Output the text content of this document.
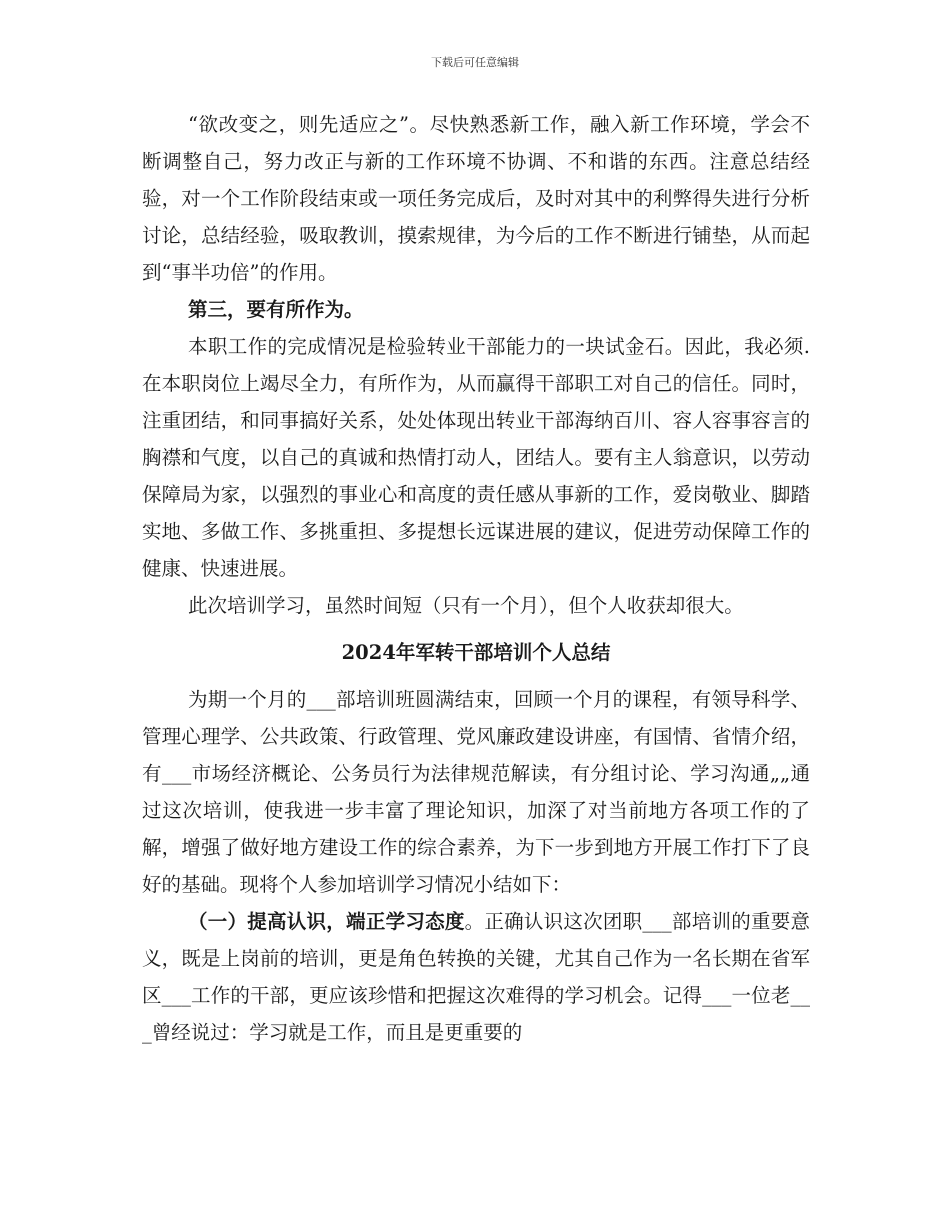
下载后可任意编辑

“欲改变之，则先适应之”。尽快熟悉新工作，融入新工作环境，学会不断调整自己，努力改正与新的工作环境不协调、不和谐的东西。注意总结经验，对一个工作阶段结束或一项任务完成后，及时对其中的利弊得失进行分析讨论，总结经验，吸取教训，摸索规律，为今后的工作不断进行铺垫，从而起到“事半功倍”的作用。

第三，要有所作为。

本职工作的完成情况是检验转业干部能力的一块试金石。因此，我必须.在本职岗位上竭尽全力，有所作为，从而赢得干部职工对自己的信任。同时，注重团结，和同事搞好关系，处处体现出转业干部海纳百川、容人容事容言的胸襟和气度，以自己的真诚和热情打动人，团结人。要有主人翁意识，以劳动保障局为家，以强烈的事业心和高度的责任感从事新的工作，爱岗敬业、脚踏实地、多做工作、多挑重担、多提想长远谋进展的建议，促进劳动保障工作的健康、快速进展。

此次培训学习，虽然时间短（只有一个月），但个人收获却很大。

2024年军转干部培训个人总结

为期一个月的___部培训班圆满结束，回顾一个月的课程，有领导科学、管理心理学、公共政策、行政管理、党风廉政建设讲座，有国情、省情介绍，有___市场经济概论、公务员行为法律规范解读，有分组讨论、学习沟通„„通过这次培训，使我进一步丰富了理论知识，加深了对当前地方各项工作的了解，增强了做好地方建设工作的综合素养，为下一步到地方开展工作打下了良好的基础。现将个人参加培训学习情况小结如下：

（一）提高认识，端正学习态度。正确认识这次团职___部培训的重要意义，既是上岗前的培训，更是角色转换的关键，尤其自己作为一名长期在省军区___工作的干部，更应该珍惜和把握这次难得的学习机会。记得___一位老___曾经说过：学习就是工作，而且是更重要的
